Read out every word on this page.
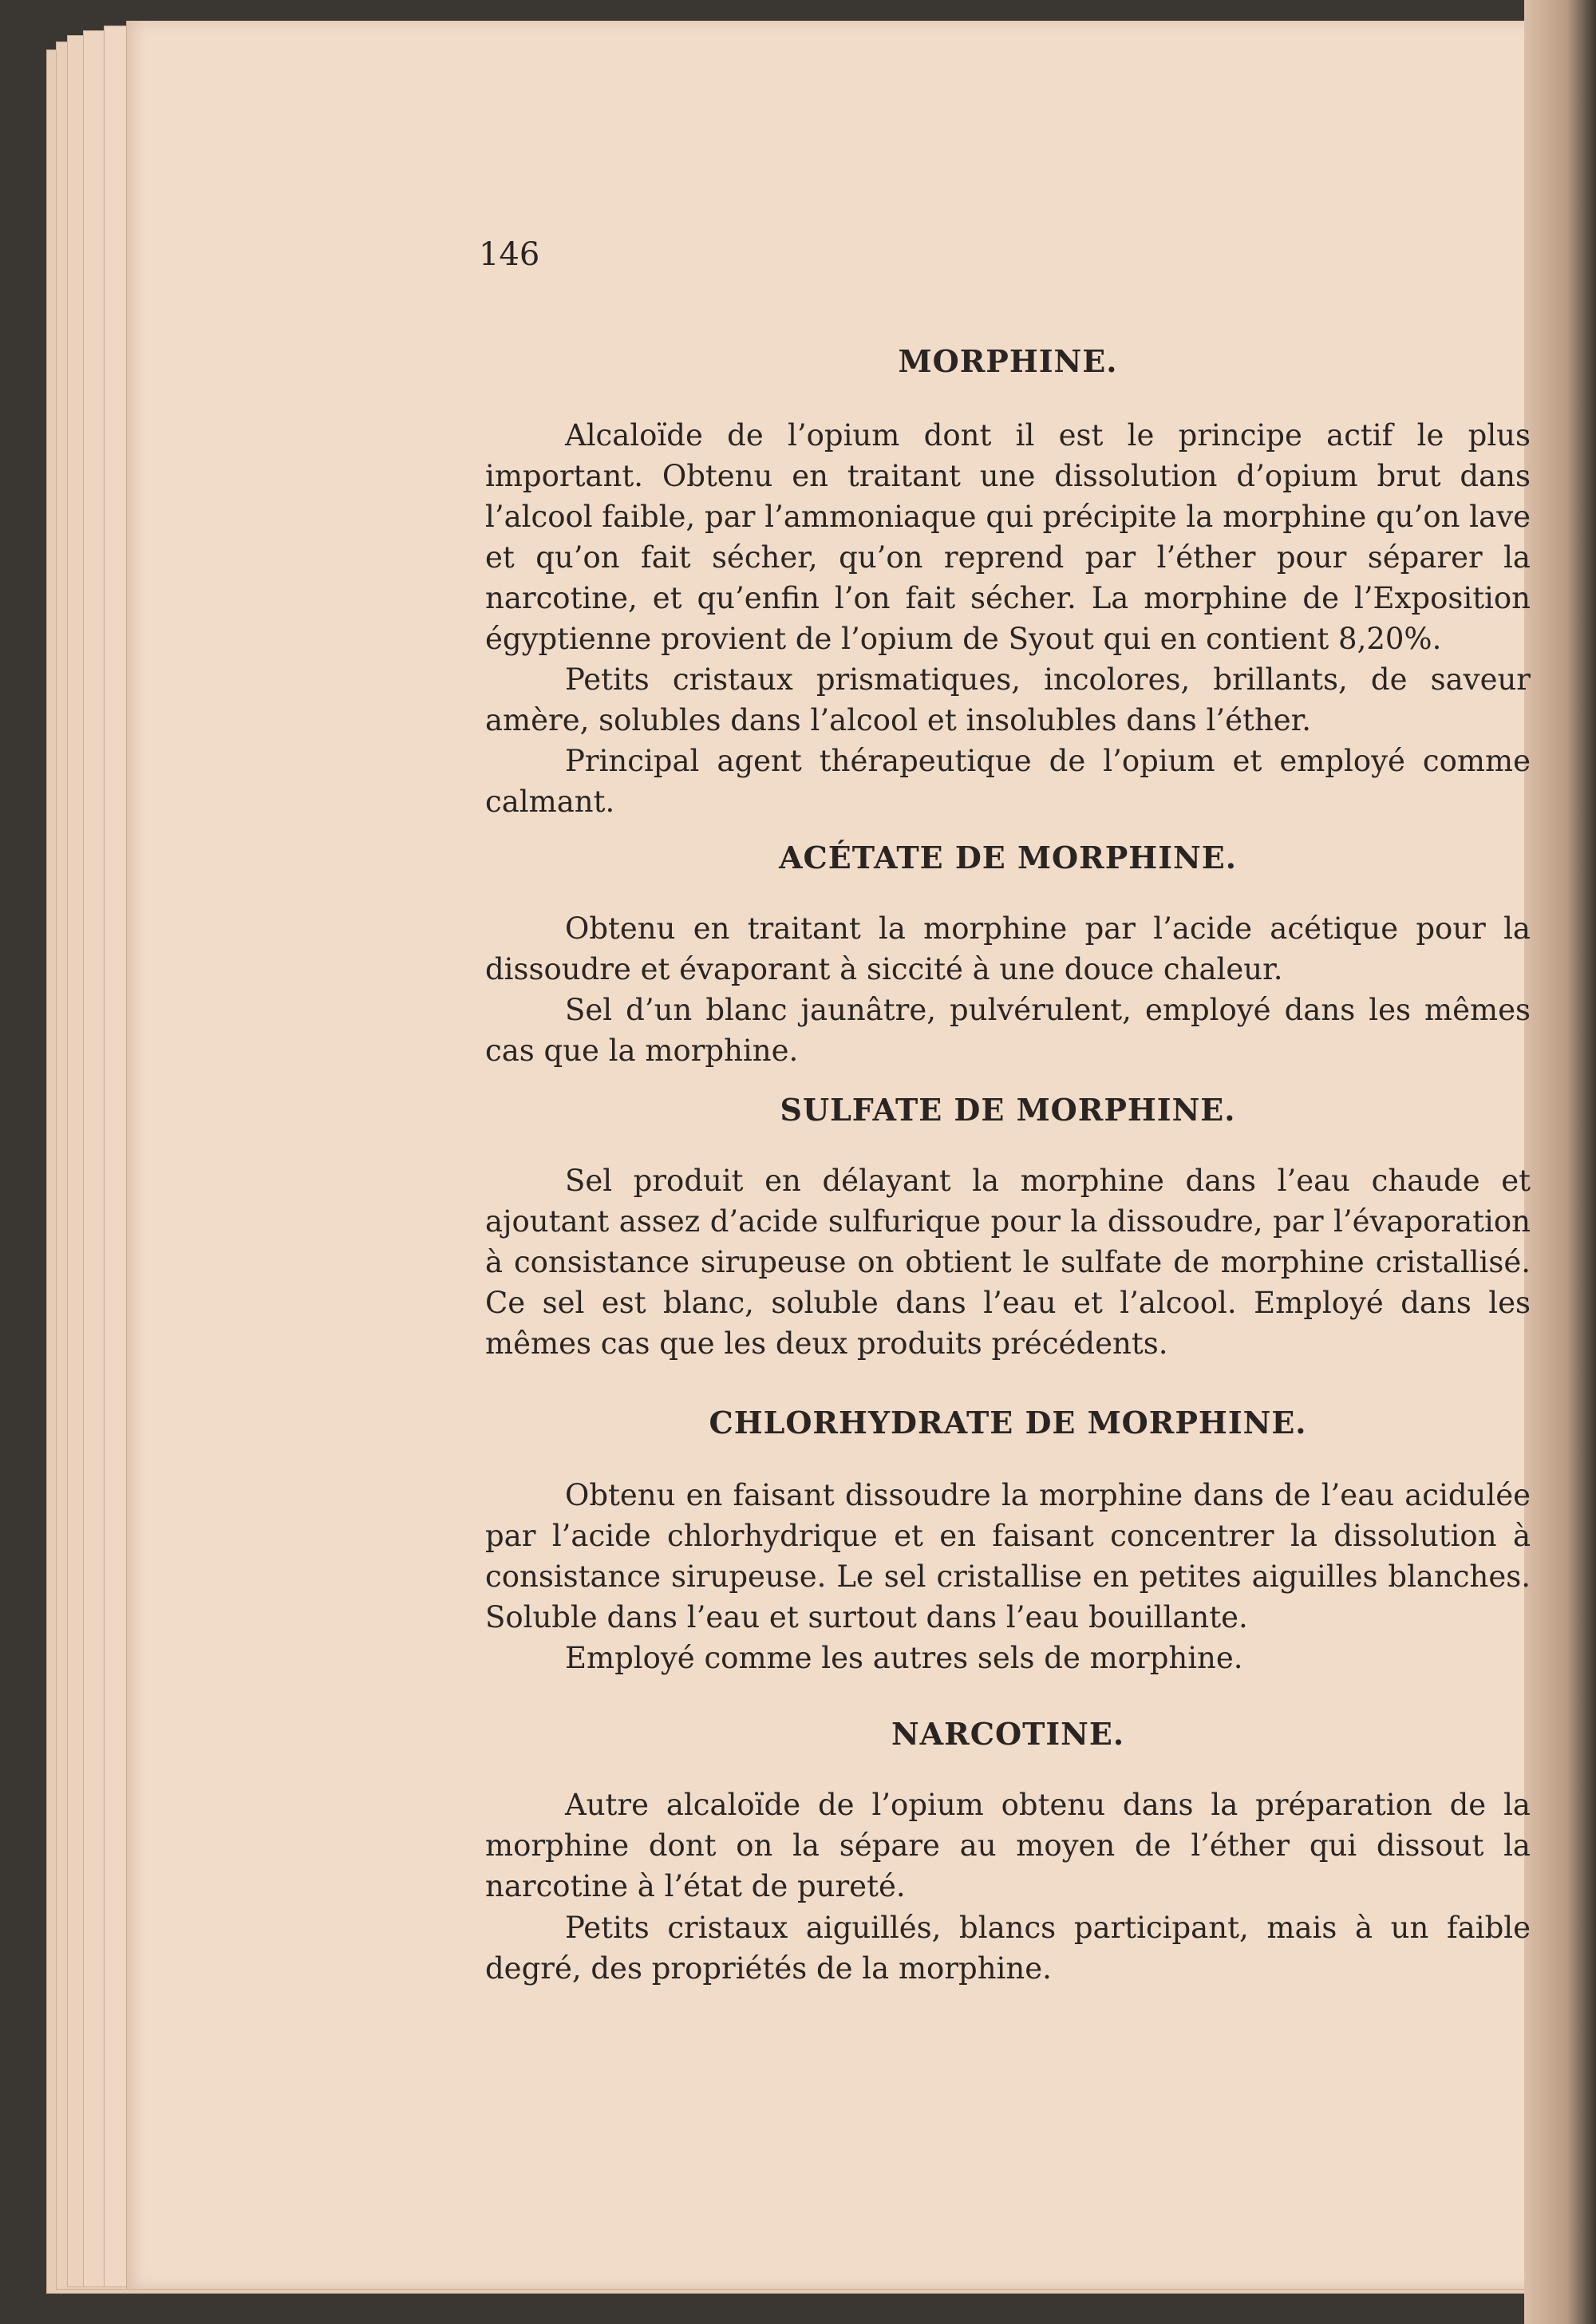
146
MORPHINE.

Alcaloïde de l’opium dont il est le principe actif le plus important. Obtenu en traitant une dissolution d’opium brut dans l’alcool faible, par l’ammoniaque qui précipite la morphine qu’on lave et qu’on fait sécher, qu’on reprend par l’éther pour séparer la narcotine, et qu’enfin l’on fait sécher. La morphine de l’Exposition égyptienne provient de l’opium de Syout qui en contient 8,20%.

Petits cristaux prismatiques, incolores, brillants, de saveur amère, solubles dans l’alcool et insolubles dans l’éther.

Principal agent thérapeutique de l’opium et employé comme calmant.

ACÉTATE DE MORPHINE.

Obtenu en traitant la morphine par l’acide acétique pour la dissoudre et évaporant à siccité à une douce chaleur.

Sel d’un blanc jaunâtre, pulvérulent, employé dans les mêmes cas que la morphine.

SULFATE DE MORPHINE.

Sel produit en délayant la morphine dans l’eau chaude et ajoutant assez d’acide sulfurique pour la dissoudre, par l’évaporation à consistance sirupeuse on obtient le sulfate de morphine cristallisé. Ce sel est blanc, soluble dans l’eau et l’alcool. Employé dans les mêmes cas que les deux produits précédents.

CHLORHYDRATE DE MORPHINE.

Obtenu en faisant dissoudre la morphine dans de l’eau acidulée par l’acide chlorhydrique et en faisant concentrer la dissolution à consistance sirupeuse. Le sel cristallise en petites aiguilles blanches. Soluble dans l’eau et surtout dans l’eau bouillante.

Employé comme les autres sels de morphine.

NARCOTINE.

Autre alcaloïde de l’opium obtenu dans la préparation de la morphine dont on la sépare au moyen de l’éther qui dissout la narcotine à l’état de pureté.

Petits cristaux aiguillés, blancs participant, mais à un faible degré, des propriétés de la morphine.
